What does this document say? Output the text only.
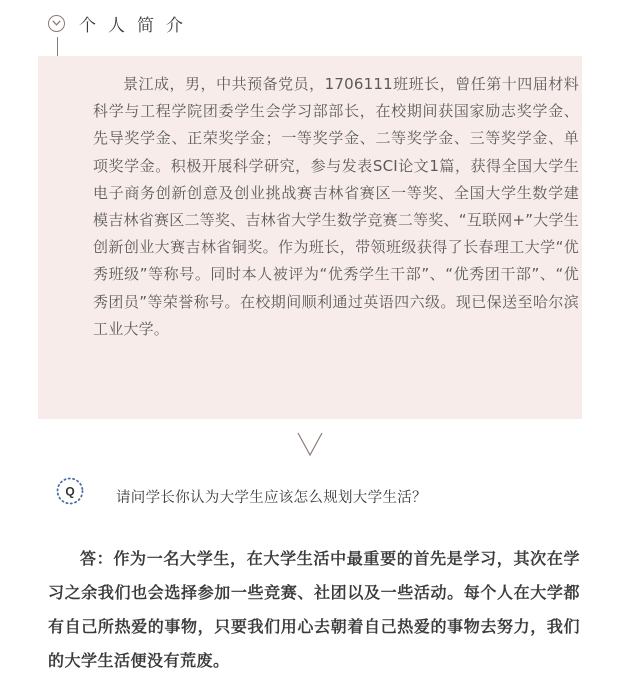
个人简介

景江成，男，中共预备党员，1706111班班长，曾任第十四届材料科学与工程学院团委学生会学习部部长，在校期间获国家励志奖学金、先导奖学金、正荣奖学金；一等奖学金、二等奖学金、三等奖学金、单项奖学金。积极开展科学研究，参与发表SCI论文1篇，获得全国大学生电子商务创新创意及创业挑战赛吉林省赛区一等奖、全国大学生数学建模吉林省赛区二等奖、吉林省大学生数学竞赛二等奖、“互联网+”大学生创新创业大赛吉林省铜奖。作为班长，带领班级获得了长春理工大学“优秀班级”等称号。同时本人被评为“优秀学生干部”、“优秀团干部”、“优秀团员”等荣誉称号。在校期间顺利通过英语四六级。现已保送至哈尔滨工业大学。

Q	请问学长你认为大学生应该怎么规划大学生活？

答：作为一名大学生，在大学生活中最重要的首先是学习，其次在学习之余我们也会选择参加一些竞赛、社团以及一些活动。每个人在大学都有自己所热爱的事物，只要我们用心去朝着自己热爱的事物去努力，我们的大学生活便没有荒废。
